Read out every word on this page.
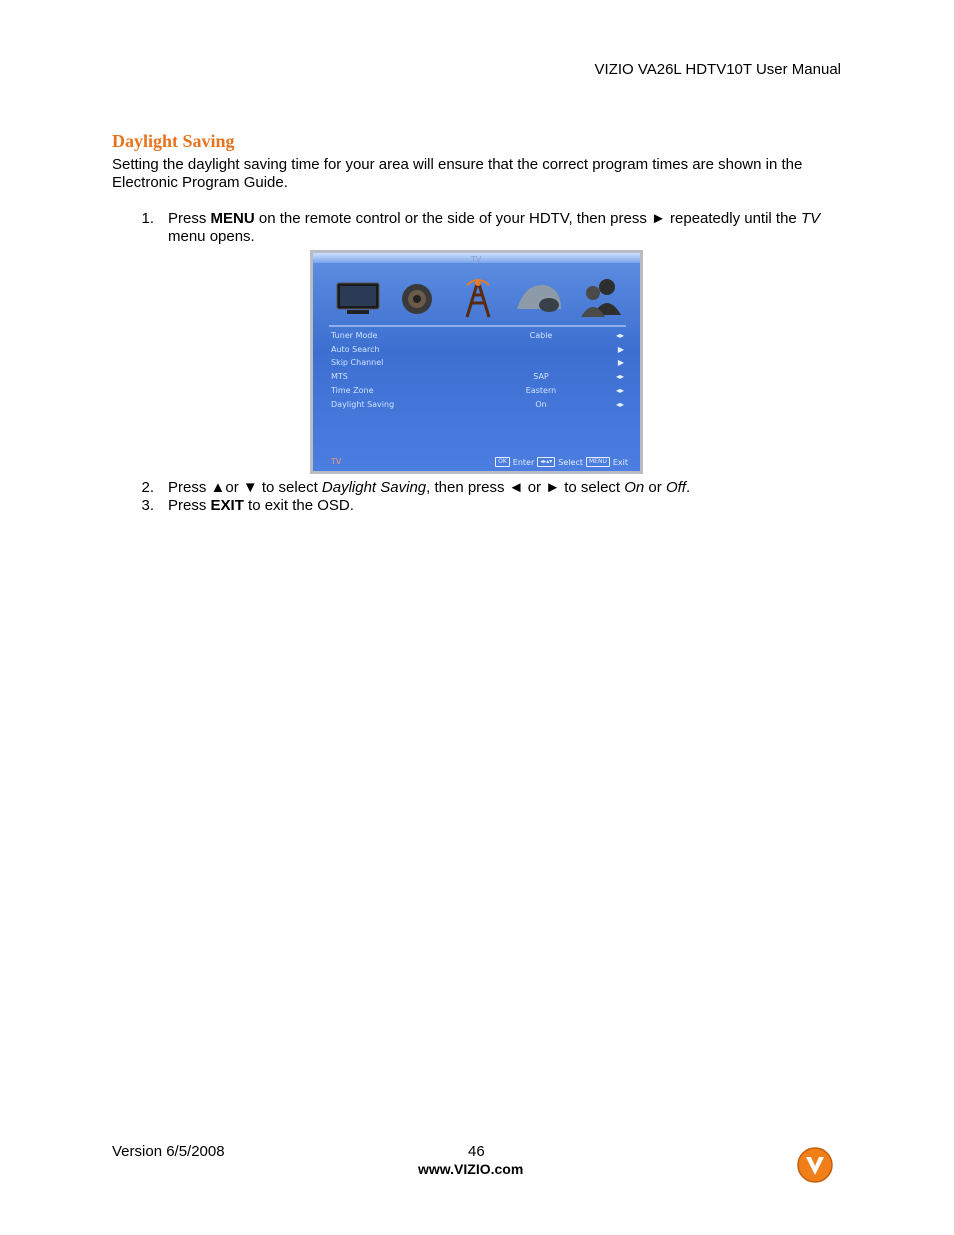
VIZIO VA26L HDTV10T User Manual
Daylight Saving
Setting the daylight saving time for your area will ensure that the correct program times are shown in the Electronic Program Guide.
1. Press MENU on the remote control or the side of your HDTV, then press ► repeatedly until the TV menu opens.
TV
Tuner Mode	Cable	◂▸
Auto Search	▶
Skip Channel	▶
MTS	SAP	◂▸
Time Zone	Eastern	◂▸
Daylight Saving	On	◂▸
TV	OK Enter	◂▸▴▾ Select	MENU Exit
2. Press ▲or ▼ to select Daylight Saving, then press ◄ or ► to select On or Off.
3. Press EXIT to exit the OSD.
Version 6/5/2008	46
www.VIZIO.com
